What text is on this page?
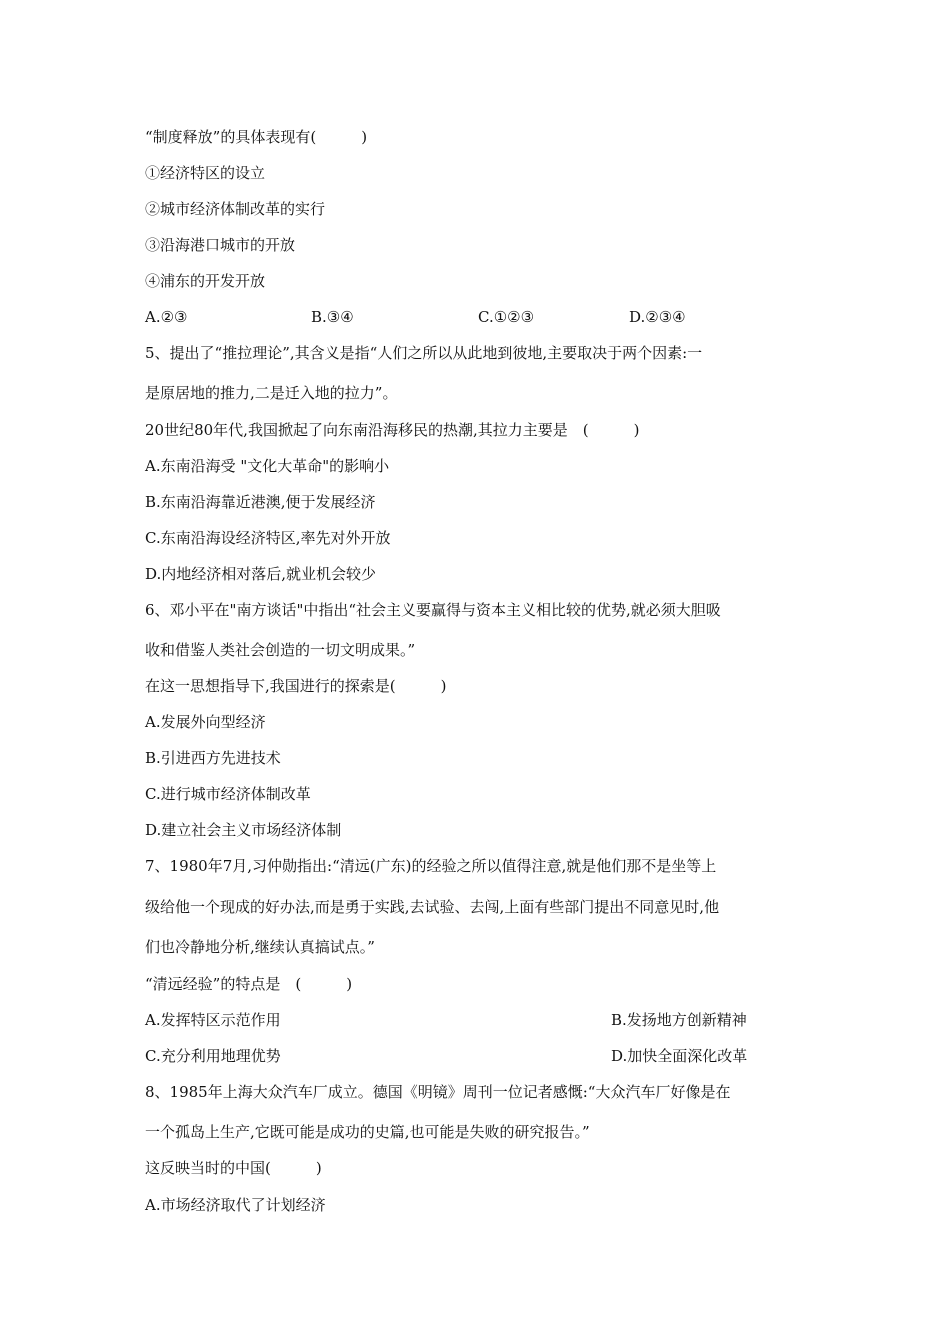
“制度释放”的具体表现有(　　　)
①经济特区的设立
②城市经济体制改革的实行
③沿海港口城市的开放
④浦东的开发开放
A.②③	B.③④	C.①②③	D.②③④
5、提出了“推拉理论”,其含义是指“人们之所以从此地到彼地,主要取决于两个因素:一
是原居地的推力,二是迁入地的拉力”。
20世纪80年代,我国掀起了向东南沿海移民的热潮,其拉力主要是　(　　　)
A.东南沿海受 "文化大革命"的影响小
B.东南沿海靠近港澳,便于发展经济
C.东南沿海设经济特区,率先对外开放
D.内地经济相对落后,就业机会较少
6、邓小平在"南方谈话"中指出“社会主义要赢得与资本主义相比较的优势,就必须大胆吸
收和借鉴人类社会创造的一切文明成果。”
在这一思想指导下,我国进行的探索是(　　　)
A.发展外向型经济
B.引进西方先进技术
C.进行城市经济体制改革
D.建立社会主义市场经济体制
7、1980年7月,习仲勋指出:“清远(广东)的经验之所以值得注意,就是他们那不是坐等上
级给他一个现成的好办法,而是勇于实践,去试验、去闯,上面有些部门提出不同意见时,他
们也冷静地分析,继续认真搞试点。”
“清远经验”的特点是　(　　　)
A.发挥特区示范作用	B.发扬地方创新精神
C.充分利用地理优势	D.加快全面深化改革
8、1985年上海大众汽车厂成立。德国《明镜》周刊一位记者感慨:“大众汽车厂好像是在
一个孤岛上生产,它既可能是成功的史篇,也可能是失败的研究报告。”
这反映当时的中国(　　　)
A.市场经济取代了计划经济
